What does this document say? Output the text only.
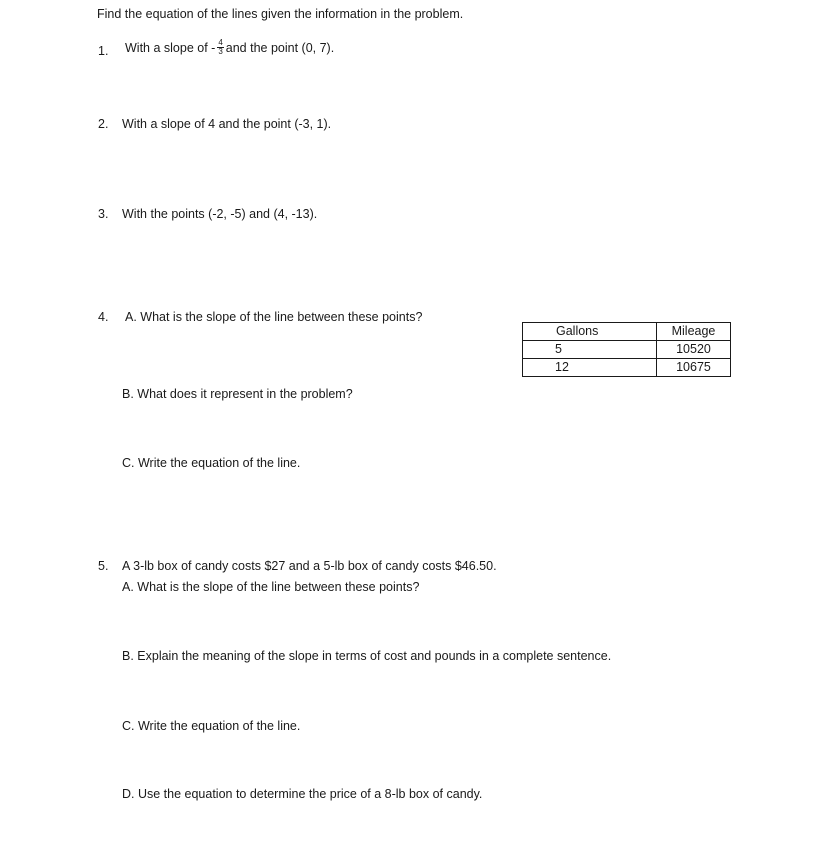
Find the equation of the lines given the information in the problem.
1. With a slope of - $\frac{4}{3}$ and the point (0, 7).
2. With a slope of 4 and the point (-3, 1).
3. With the points (-2, -5) and (4, -13).
4. A. What is the slope of the line between these points?
Gallons	Mileage
5	10520
12	10675
B. What does it represent in the problem?
C. Write the equation of the line.
5. A 3-lb box of candy costs $27 and a 5-lb box of candy costs $46.50.
A. What is the slope of the line between these points?
B. Explain the meaning of the slope in terms of cost and pounds in a complete sentence.
C. Write the equation of the line.
D. Use the equation to determine the price of a 8-lb box of candy.
